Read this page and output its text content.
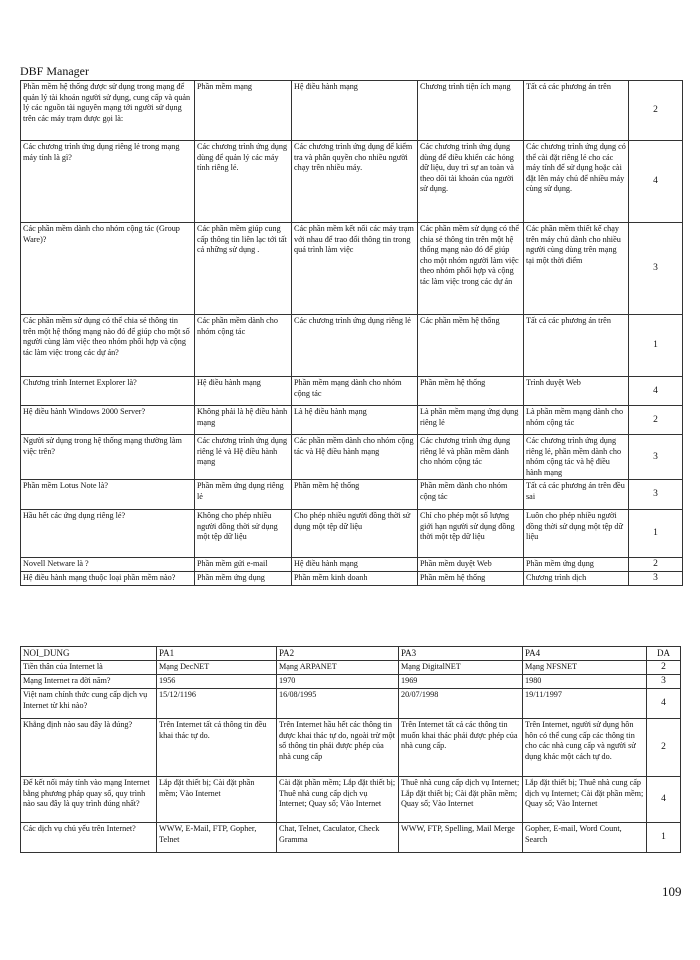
DBF Manager
Phần mềm hệ thống được sử dụng trong mạng để quản lý tài khoản người sử dụng, cung cấp và quản lý các nguồn tài nguyên mạng tới người sử dụng trên các máy trạm được gọi là:	Phần mềm mạng	Hệ điều hành mạng	Chương trình tiện ích mạng	Tất cả các phương án trên	2
Các chương trình ứng dụng riêng lẻ trong mạng máy tính là gì?	Các chương trình ứng dụng dùng để quản lý các máy tính riêng lẻ.	Các chương trình ứng dụng để kiểm tra và phân quyền cho nhiều người chạy trên nhiều máy.	Các chương trình ứng dụng dùng để điều khiển các hỏng dữ liệu, duy trì sự an toàn và theo dõi tài khoản của người sử dụng.	Các chương trình ứng dụng có thể cài đặt riêng lẻ cho các máy tính để sử dụng hoặc cài đặt lên máy chủ để nhiều máy cùng sử dụng.	4
Các phần mềm dành cho nhóm cộng tác (Group Ware)?	Các phần mềm giúp cung cấp thông tin liên lạc tới tất cả những sử dụng .	Các phần mềm kết nối các máy trạm với nhau để trao đổi thông tin trong quá trình làm việc	Các phần mềm sử dụng có thể chia sẻ thông tin trên một hệ thống mạng nào đó để giúp cho một nhóm người làm việc theo nhóm phối hợp và cộng tác làm việc trong các dự án	Các phần mềm thiết kế chạy trên máy chủ dành cho nhiều người cùng dùng trên mạng tại một thời điểm	3
Các phần mềm sử dụng có thể chia sẻ thông tin trên một hệ thống mạng nào đó để giúp cho một số người cùng làm việc theo nhóm phối hợp và cộng tác làm việc trong các dự án?	Các phần mềm dành cho nhóm cộng tác	Các chương trình ứng dụng riêng lẻ	Các phần mềm hệ thống	Tất cả các phương án trên	1
Chương trình Internet Explorer là?	Hệ điều hành mạng	Phần mềm mạng dành cho nhóm cộng tác	Phần mềm hệ thống	Trình duyệt Web	4
Hệ điều hành Windows 2000 Server?	Không phải là hệ điều hành mạng	Là hệ điều hành mạng	Là phần mềm mạng ứng dụng riêng lẻ	Là phần mềm mạng dành cho nhóm cộng tác	2
Người sử dụng trong hệ thống mạng thường làm việc trên?	Các chương trình ứng dụng riêng lẻ và Hệ điều hành mạng	Các phần mềm dành cho nhóm cộng tác và Hệ điều hành mạng	Các chương trình ứng dụng riêng lẻ và phần mềm dành cho nhóm cộng tác	Các chương trình ứng dụng riêng lẻ, phần mềm dành cho nhóm cộng tác và hệ điều hành mạng	3
Phần mềm Lotus Note là?	Phần mềm ứng dụng riêng lẻ	Phần mềm hệ thống	Phần mềm dành cho nhóm cộng tác	Tất cả các phương án trên đều sai	3
Hầu hết các ứng dụng riêng lẻ?	Không cho phép nhiều người đồng thời sử dụng một tệp dữ liệu	Cho phép nhiều người đồng thời sử dụng một tệp dữ liệu	Chỉ cho phép một số lượng giới hạn người sử dụng đồng thời một tệp dữ liệu	Luôn cho phép nhiều người đồng thời sử dụng một tệp dữ liệu	1
Novell Netware là ?	Phần mềm gửi e-mail	Hệ điều hành mạng	Phần mềm duyệt Web	Phần mềm ứng dụng	2
Hệ điều hành mạng thuộc loại phần mềm nào?	Phần mềm ứng dụng	Phần mềm kinh doanh	Phần mềm hệ thống	Chương trình dịch	3
NOI_DUNG	PA1	PA2	PA3	PA4	DA
Tiền thân của Internet là	Mạng DecNET	Mạng ARPANET	Mạng DigitalNET	Mạng NFSNET	2
Mạng Internet ra đời năm?	1956	1970	1969	1980	3
Việt nam chính thức cung cấp dịch vụ Internet từ khi nào?	15/12/1196	16/08/1995	20/07/1998	19/11/1997	4
Khẳng định nào sau đây là đúng?	Trên Internet tất cả thông tin đều khai thác tự do.	Trên Internet hầu hết các thông tin được khai thác tự do, ngoài trừ một số thông tin phải được phép của nhà cung cấp	Trên Internet tất cả các thông tin muốn khai thác phải được phép của nhà cung cấp.	Trên Internet, người sử dụng hôn hôn có thể cung cấp các thông tin cho các nhà cung cấp và người sử dụng khác một cách tự do.	2
Để kết nối máy tính vào mạng Internet bằng phương pháp quay số, quy trình nào sau đây là quy trình đúng nhất?	Lắp đặt thiết bị; Cài đặt phần mềm; Vào Internet	Cài đặt phần mềm; Lắp đặt thiết bị; Thuê nhà cung cấp dịch vụ Internet; Quay số; Vào Internet	Thuê nhà cung cấp dịch vụ Internet; Lắp đặt thiết bị; Cài đặt phần mềm; Quay số; Vào Internet	Lắp đặt thiết bị; Thuê nhà cung cấp dịch vụ Internet; Cài đặt phần mềm; Quay số; Vào Internet	4
Các dịch vụ chủ yếu trên Internet?	WWW, E-Mail, FTP, Gopher, Telnet	Chat, Telnet, Caculator, Check Gramma	WWW, FTP, Spelling, Mail Merge	Gopher, E-mail, Word Count, Search	1
109
